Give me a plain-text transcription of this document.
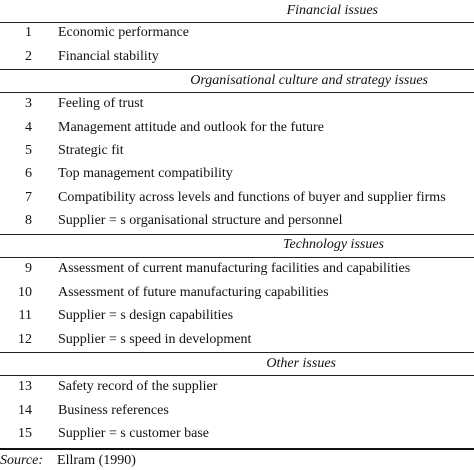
Financial issues
1 Economic performance
2 Financial stability
Organisational culture and strategy issues
3 Feeling of trust
4 Management attitude and outlook for the future
5 Strategic fit
6 Top management compatibility
7 Compatibility across levels and functions of buyer and supplier firms
8 Supplier = s organisational structure and personnel
Technology issues
9 Assessment of current manufacturing facilities and capabilities
10 Assessment of future manufacturing capabilities
11 Supplier = s design capabilities
12 Supplier = s speed in development
Other issues
13 Safety record of the supplier
14 Business references
15 Supplier = s customer base
Source: Ellram (1990)
